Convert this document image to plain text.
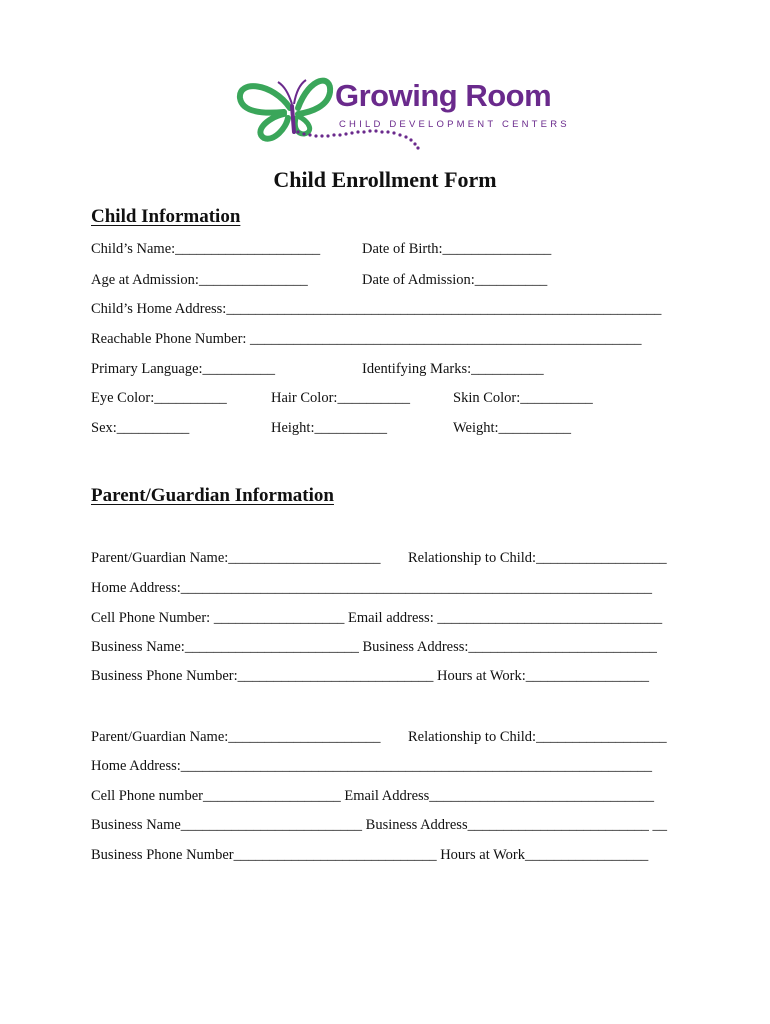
Growing Room
CHILD DEVELOPMENT CENTERS
Child Enrollment Form
Child Information
Child’s Name:____________________	Date of Birth:_______________
Age at Admission:_______________	Date of Admission:__________
Child’s Home Address:____________________________________________________________
Reachable Phone Number: ______________________________________________________
Primary Language:__________	Identifying Marks:__________
Eye Color:__________	Hair Color:__________	Skin Color:__________
Sex:__________	Height:__________	Weight:__________
Parent/Guardian Information
Parent/Guardian Name:_____________________ Relationship to Child:__________________
Home Address:_________________________________________________________________
Cell Phone Number: __________________ Email address: _______________________________
Business Name:________________________ Business Address:__________________________
Business Phone Number:___________________________ Hours at Work:_________________
Parent/Guardian Name:_____________________ Relationship to Child:__________________
Home Address:_________________________________________________________________
Cell Phone number___________________ Email Address_______________________________
Business Name_________________________ Business Address_________________________ __
Business Phone Number____________________________ Hours at Work_________________
